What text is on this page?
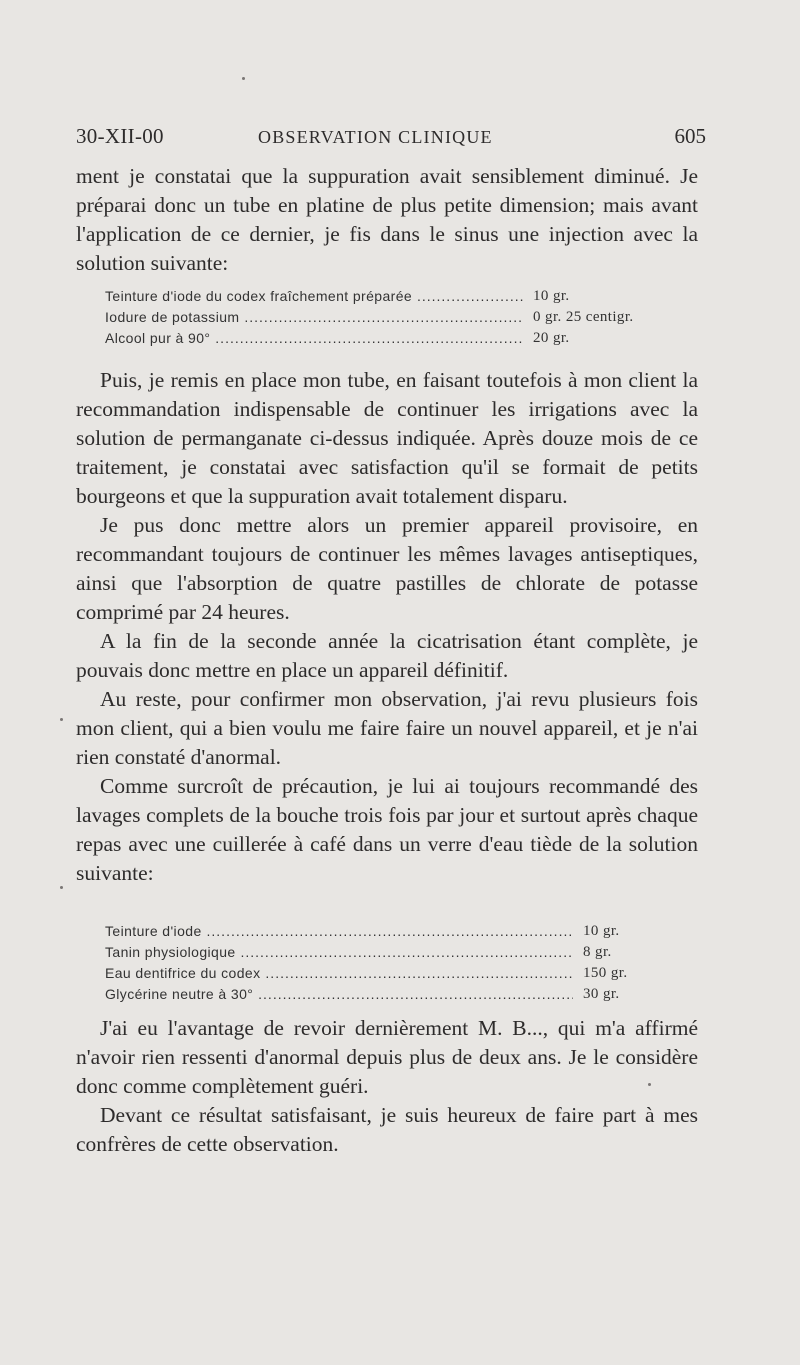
30-XII-00	OBSERVATION CLINIQUE	605

ment je constatai que la suppuration avait sensiblement diminué. Je préparai donc un tube en platine de plus petite dimension; mais avant l'application de ce dernier, je fis dans le sinus une injection avec la solution suivante:

Teinture d'iode du codex fraîchement préparée .....	10 gr.
Iodure de potassium .....	0 gr. 25 centigr.
Alcool pur à 90° .....	20 gr.

Puis, je remis en place mon tube, en faisant toutefois à mon client la recommandation indispensable de continuer les irrigations avec la solution de permanganate ci-dessus indiquée. Après douze mois de ce traitement, je constatai avec satisfaction qu'il se formait de petits bourgeons et que la suppuration avait totalement disparu.

Je pus donc mettre alors un premier appareil provisoire, en recommandant toujours de continuer les mêmes lavages antiseptiques, ainsi que l'absorption de quatre pastilles de chlorate de potasse comprimé par 24 heures.

A la fin de la seconde année la cicatrisation étant complète, je pouvais donc mettre en place un appareil définitif.

Au reste, pour confirmer mon observation, j'ai revu plusieurs fois mon client, qui a bien voulu me faire faire un nouvel appareil, et je n'ai rien constaté d'anormal.

Comme surcroît de précaution, je lui ai toujours recommandé des lavages complets de la bouche trois fois par jour et surtout après chaque repas avec une cuillerée à café dans un verre d'eau tiède de la solution suivante:

Teinture d'iode .....	10 gr.
Tanin physiologique .....	8 gr.
Eau dentifrice du codex .....	150 gr.
Glycérine neutre à 30° .....	30 gr.

J'ai eu l'avantage de revoir dernièrement M. B..., qui m'a affirmé n'avoir rien ressenti d'anormal depuis plus de deux ans. Je le considère donc comme complètement guéri.

Devant ce résultat satisfaisant, je suis heureux de faire part à mes confrères de cette observation.
